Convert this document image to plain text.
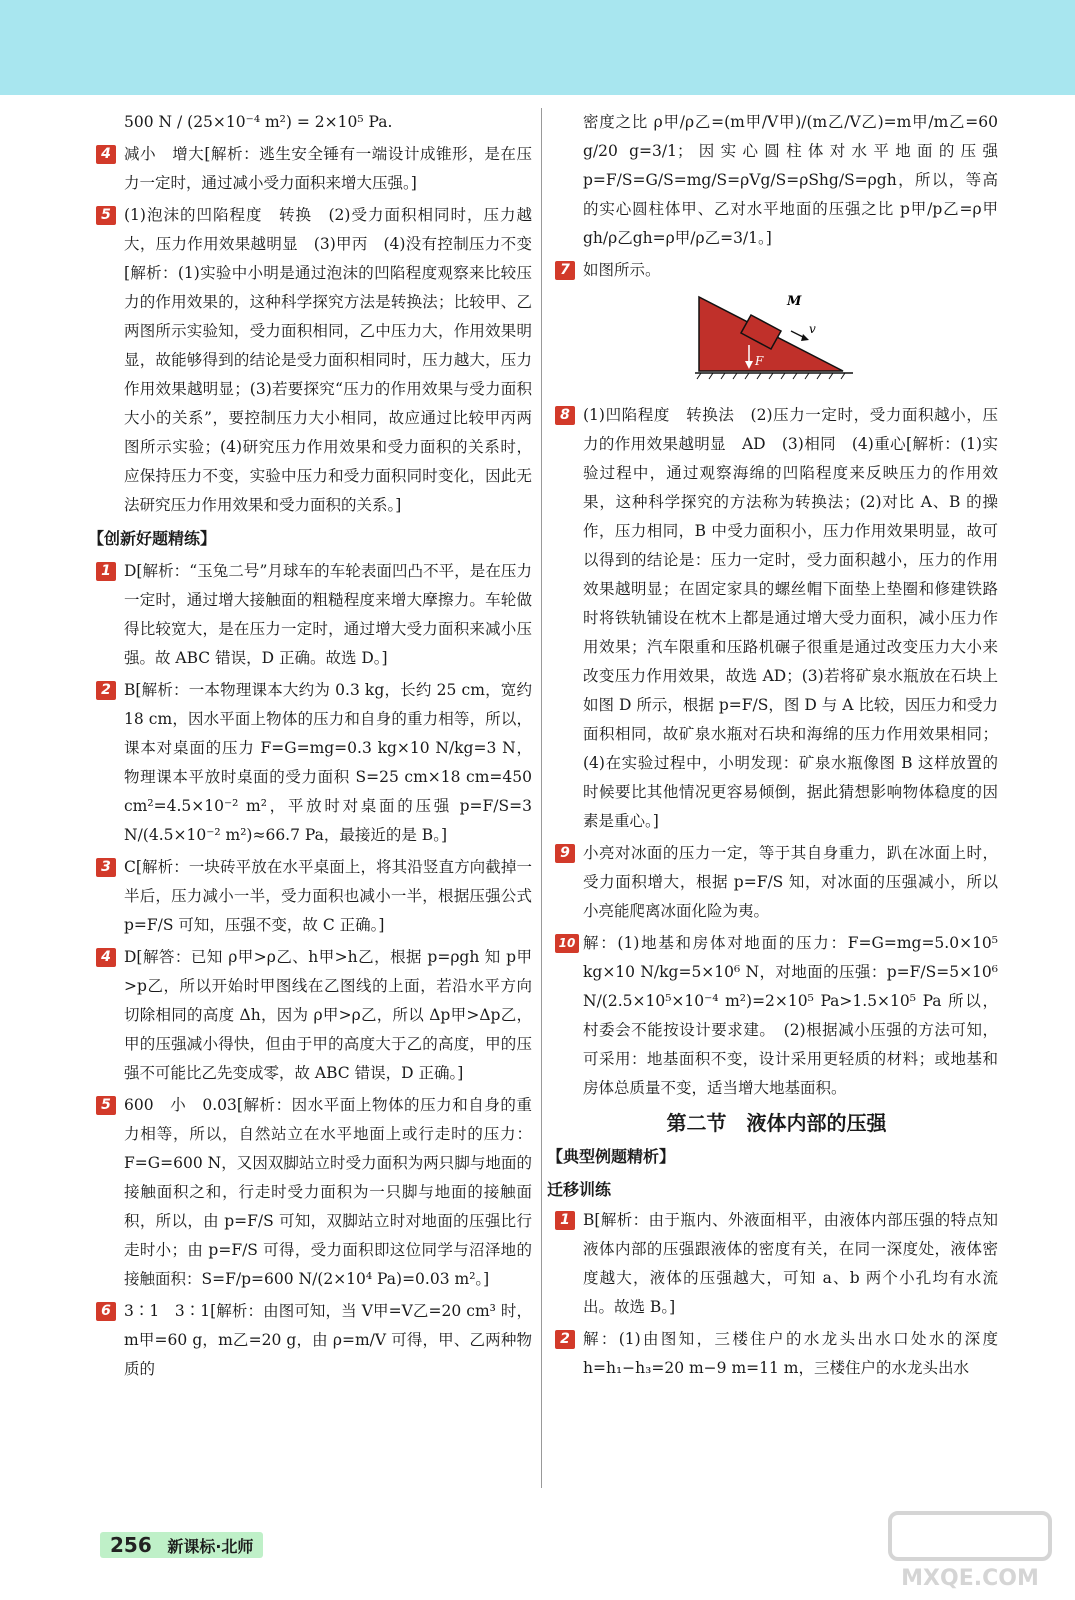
500 N / (25×10⁻⁴ m²) = 2×10⁵ Pa.
4 减小　增大[解析：逃生安全锤有一端设计成锥形，是在压力一定时，通过减小受力面积来增大压强。]
5 (1)泡沫的凹陷程度　转换　(2)受力面积相同时，压力越大，压力作用效果越明显　(3)甲丙　(4)没有控制压力不变[解析：(1)实验中小明是通过泡沫的凹陷程度观察来比较压力的作用效果的，这种科学探究方法是转换法；比较甲、乙两图所示实验知，受力面积相同，乙中压力大，作用效果明显，故能够得到的结论是受力面积相同时，压力越大，压力作用效果越明显；(3)若要探究“压力的作用效果与受力面积大小的关系”，要控制压力大小相同，故应通过比较甲丙两图所示实验；(4)研究压力作用效果和受力面积的关系时，应保持压力不变，实验中压力和受力面积同时变化，因此无法研究压力作用效果和受力面积的关系。]
【创新好题精练】
1 D[解析：“玉兔二号”月球车的车轮表面凹凸不平，是在压力一定时，通过增大接触面的粗糙程度来增大摩擦力。车轮做得比较宽大，是在压力一定时，通过增大受力面积来减小压强。故 ABC 错误，D 正确。故选 D。]
2 B[解析：一本物理课本大约为 0.3 kg，长约 25 cm，宽约 18 cm，因水平面上物体的压力和自身的重力相等，所以，课本对桌面的压力 F=G=mg=0.3 kg×10 N/kg=3 N，物理课本平放时桌面的受力面积 S=25 cm×18 cm=450 cm²=4.5×10⁻² m²，平放时对桌面的压强 p=F/S=3 N/(4.5×10⁻² m²)≈66.7 Pa，最接近的是 B。]
3 C[解析：一块砖平放在水平桌面上，将其沿竖直方向截掉一半后，压力减小一半，受力面积也减小一半，根据压强公式 p=F/S 可知，压强不变，故 C 正确。]
4 D[解答：已知 ρ甲>ρ乙、h甲>h乙，根据 p=ρgh 知 p甲>p乙，所以开始时甲图线在乙图线的上面，若沿水平方向切除相同的高度 Δh，因为 ρ甲>ρ乙，所以 Δp甲>Δp乙，甲的压强减小得快，但由于甲的高度大于乙的高度，甲的压强不可能比乙先变成零，故 ABC 错误，D 正确。]
5 600　小　0.03[解析：因水平面上物体的压力和自身的重力相等，所以，自然站立在水平地面上或行走时的压力：F=G=600 N，又因双脚站立时受力面积为两只脚与地面的接触面积之和，行走时受力面积为一只脚与地面的接触面积，所以，由 p=F/S 可知，双脚站立时对地面的压强比行走时小；由 p=F/S 可得，受力面积即这位同学与沼泽地的接触面积：S=F/p=600 N/(2×10⁴ Pa)=0.03 m²。]
6 3∶1　3∶1[解析：由图可知，当 V甲=V乙=20 cm³ 时，m甲=60 g，m乙=20 g，由 ρ=m/V 可得，甲、乙两种物质的
密度之比 ρ甲/ρ乙=(m甲/V甲)/(m乙/V乙)=m甲/m乙=60 g/20 g=3/1；因实心圆柱体对水平地面的压强 p=F/S=G/S=mg/S=ρVg/S=ρShg/S=ρgh，所以，等高的实心圆柱体甲、乙对水平地面的压强之比 p甲/p乙=ρ甲gh/ρ乙gh=ρ甲/ρ乙=3/1。]
7 如图所示。
M
v
F
8 (1)凹陷程度　转换法　(2)压力一定时，受力面积越小，压力的作用效果越明显　AD　(3)相同　(4)重心[解析：(1)实验过程中，通过观察海绵的凹陷程度来反映压力的作用效果，这种科学探究的方法称为转换法；(2)对比 A、B 的操作，压力相同，B 中受力面积小，压力作用效果明显，故可以得到的结论是：压力一定时，受力面积越小，压力的作用效果越明显；在固定家具的螺丝帽下面垫上垫圈和修建铁路时将铁轨铺设在枕木上都是通过增大受力面积，减小压力作用效果；汽车限重和压路机碾子很重是通过改变压力大小来改变压力作用效果，故选 AD；(3)若将矿泉水瓶放在石块上如图 D 所示，根据 p=F/S，图 D 与 A 比较，因压力和受力面积相同，故矿泉水瓶对石块和海绵的压力作用效果相同；(4)在实验过程中，小明发现：矿泉水瓶像图 B 这样放置的时候要比其他情况更容易倾倒，据此猜想影响物体稳度的因素是重心。]
9 小亮对冰面的压力一定，等于其自身重力，趴在冰面上时，受力面积增大，根据 p=F/S 知，对冰面的压强减小，所以小亮能爬离冰面化险为夷。
10 解：(1)地基和房体对地面的压力：F=G=mg=5.0×10⁵ kg×10 N/kg=5×10⁶ N，对地面的压强：p=F/S=5×10⁶ N/(2.5×10⁵×10⁻⁴ m²)=2×10⁵ Pa>1.5×10⁵ Pa 所以，村委会不能按设计要求建。　(2)根据减小压强的方法可知，可采用：地基面积不变，设计采用更轻质的材料；或地基和房体总质量不变，适当增大地基面积。
第二节　液体内部的压强
【典型例题精析】
迁移训练
1 B[解析：由于瓶内、外液面相平，由液体内部压强的特点知液体内部的压强跟液体的密度有关，在同一深度处，液体密度越大，液体的压强越大，可知 a、b 两个小孔均有水流出。故选 B。]
2 解：(1)由图知，三楼住户的水龙头出水口处水的深度 h=h₁−h₃=20 m−9 m=11 m，三楼住户的水龙头出水
256 新课标·北师
MXQE.COM
